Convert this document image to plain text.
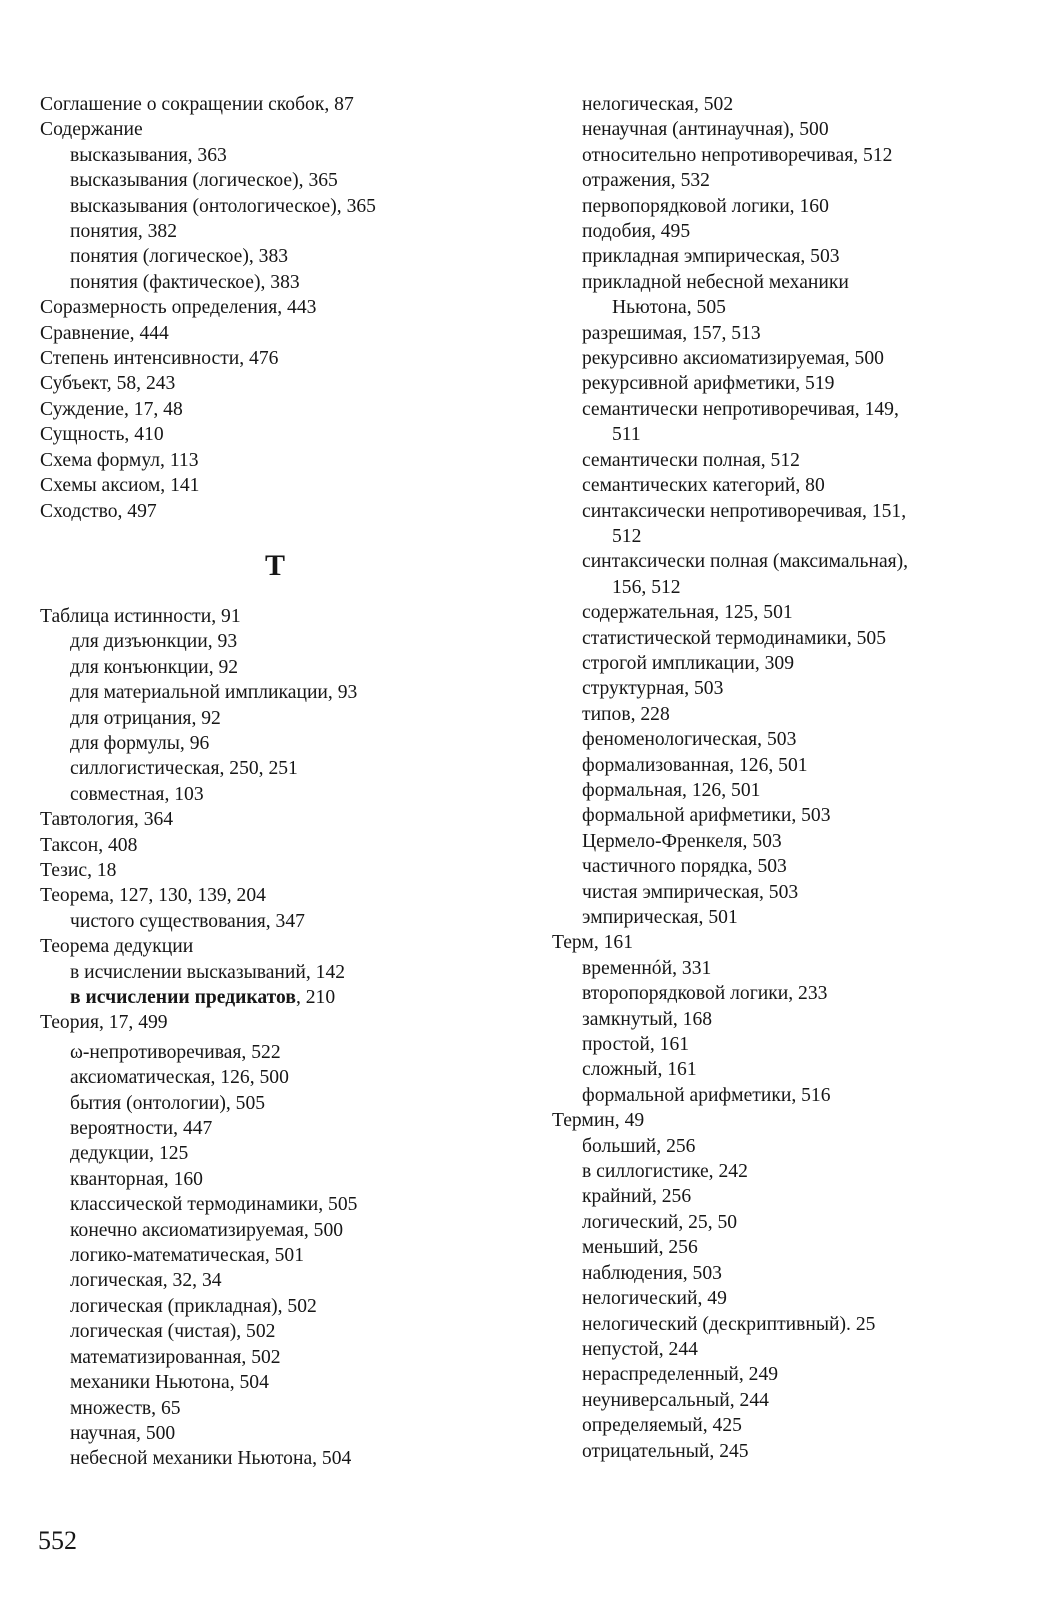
Соглашение о сокращении скобок, 87
Содержание
высказывания, 363
высказывания (логическое), 365
высказывания (онтологическое), 365
понятия, 382
понятия (логическое), 383
понятия (фактическое), 383
Соразмерность определения, 443
Сравнение, 444
Степень интенсивности, 476
Субъект, 58, 243
Суждение, 17, 48
Сущность, 410
Схема формул, 113
Схемы аксиом, 141
Сходство, 497
Т
Таблица истинности, 91
для дизъюнкции, 93
для конъюнкции, 92
для материальной импликации, 93
для отрицания, 92
для формулы, 96
силлогистическая, 250, 251
совместная, 103
Тавтология, 364
Таксон, 408
Тезис, 18
Теорема, 127, 130, 139, 204
чистого существования, 347
Теорема дедукции
в исчислении высказываний, 142
в исчислении предикатов, 210
Теория, 17, 499
ω-непротиворечивая, 522
аксиоматическая, 126, 500
бытия (онтологии), 505
вероятности, 447
дедукции, 125
кванторная, 160
классической термодинамики, 505
конечно аксиоматизируемая, 500
логико-математическая, 501
логическая, 32, 34
логическая (прикладная), 502
логическая (чистая), 502
математизированная, 502
механики Ньютона, 504
множеств, 65
научная, 500
небесной механики Ньютона, 504
нелогическая, 502
ненаучная (антинаучная), 500
относительно непротиворечивая, 512
отражения, 532
первопорядковой логики, 160
подобия, 495
прикладная эмпирическая, 503
прикладной небесной механики
Ньютона, 505
разрешимая, 157, 513
рекурсивно аксиоматизируемая, 500
рекурсивной арифметики, 519
семантически непротиворечивая, 149,
511
семантически полная, 512
семантических категорий, 80
синтаксически непротиворечивая, 151,
512
синтаксически полная (максимальная),
156, 512
содержательная, 125, 501
статистической термодинамики, 505
строгой импликации, 309
структурная, 503
типов, 228
феноменологическая, 503
формализованная, 126, 501
формальная, 126, 501
формальной арифметики, 503
Цермело-Френкеля, 503
частичного порядка, 503
чистая эмпирическая, 503
эмпирическая, 501
Терм, 161
временнóй, 331
второпорядковой логики, 233
замкнутый, 168
простой, 161
сложный, 161
формальной арифметики, 516
Термин, 49
больший, 256
в силлогистике, 242
крайний, 256
логический, 25, 50
меньший, 256
наблюдения, 503
нелогический, 49
нелогический (дескриптивный). 25
непустой, 244
нераспределенный, 249
неуниверсальный, 244
определяемый, 425
отрицательный, 245
552
